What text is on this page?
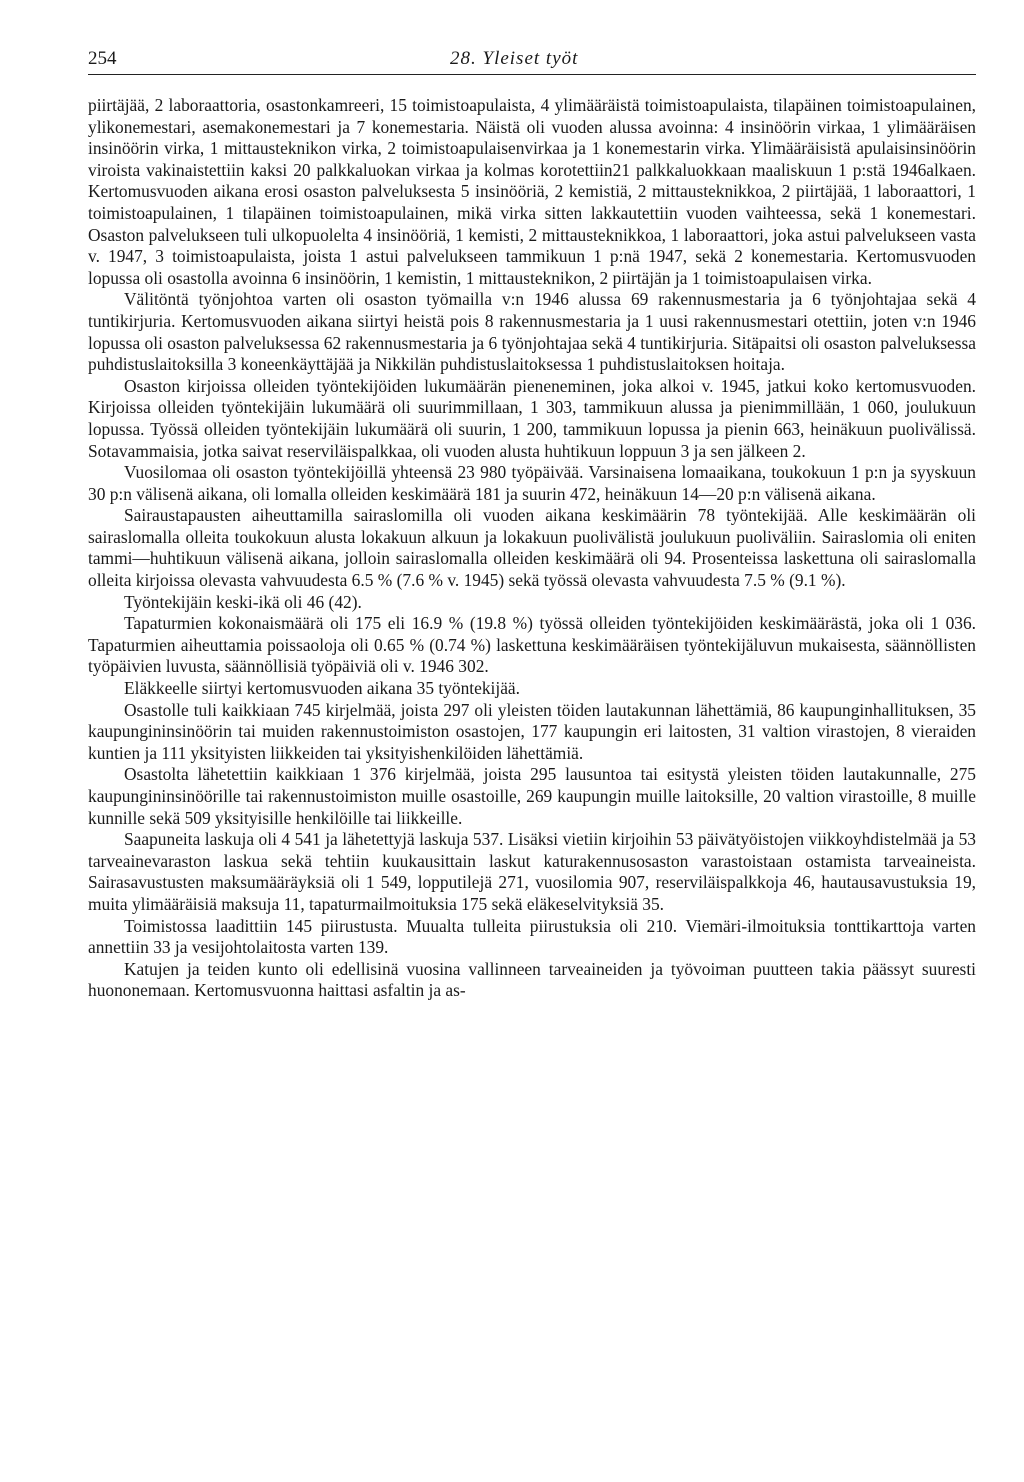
254	28. Yleiset työt

piirtäjää, 2 laboraattoria, osastonkamreeri, 15 toimistoapulaista, 4 ylimääräistä toimistoapulaista, tilapäinen toimistoapulainen, ylikonemestari, asemakonemestari ja 7 konemestaria. Näistä oli vuoden alussa avoinna: 4 insinöörin virkaa, 1 ylimääräisen insinöörin virka, 1 mittausteknikon virka, 2 toimistoapulaisenvirkaa ja 1 konemestarin virka. Ylimääräisistä apulaisinsinöörin viroista vakinaistettiin kaksi 20 palkkaluokan virkaa ja kolmas korotettiin21 palkkaluokkaan maaliskuun 1 p:stä 1946alkaen. Kertomusvuoden aikana erosi osaston palveluksesta 5 insinööriä, 2 kemistiä, 2 mittausteknikkoa, 2 piirtäjää, 1 laboraattori, 1 toimistoapulainen, 1 tilapäinen toimistoapulainen, mikä virka sitten lakkautettiin vuoden vaihteessa, sekä 1 konemestari. Osaston palvelukseen tuli ulkopuolelta 4 insinööriä, 1 kemisti, 2 mittausteknikkoa, 1 laboraattori, joka astui palvelukseen vasta v. 1947, 3 toimistoapulaista, joista 1 astui palvelukseen tammikuun 1 p:nä 1947, sekä 2 konemestaria. Kertomusvuoden lopussa oli osastolla avoinna 6 insinöörin, 1 kemistin, 1 mittausteknikon, 2 piirtäjän ja 1 toimistoapulaisen virka.

Välitöntä työnjohtoa varten oli osaston työmailla v:n 1946 alussa 69 rakennusmestaria ja 6 työnjohtajaa sekä 4 tuntikirjuria. Kertomusvuoden aikana siirtyi heistä pois 8 rakennusmestaria ja 1 uusi rakennusmestari otettiin, joten v:n 1946 lopussa oli osaston palveluksessa 62 rakennusmestaria ja 6 työnjohtajaa sekä 4 tuntikirjuria. Sitäpaitsi oli osaston palveluksessa puhdistuslaitoksilla 3 koneenkäyttäjää ja Nikkilän puhdistuslaitoksessa 1 puhdistuslaitoksen hoitaja.

Osaston kirjoissa olleiden työntekijöiden lukumäärän pieneneminen, joka alkoi v. 1945, jatkui koko kertomusvuoden. Kirjoissa olleiden työntekijäin lukumäärä oli suurimmillaan, 1 303, tammikuun alussa ja pienimmillään, 1 060, joulukuun lopussa. Työssä olleiden työntekijäin lukumäärä oli suurin, 1 200, tammikuun lopussa ja pienin 663, heinäkuun puolivälissä. Sotavammaisia, jotka saivat reserviläispalkkaa, oli vuoden alusta huhtikuun loppuun 3 ja sen jälkeen 2.

Vuosilomaa oli osaston työntekijöillä yhteensä 23 980 työpäivää. Varsinaisena lomaaikana, toukokuun 1 p:n ja syyskuun 30 p:n välisenä aikana, oli lomalla olleiden keskimäärä 181 ja suurin 472, heinäkuun 14—20 p:n välisenä aikana.

Sairaustapausten aiheuttamilla sairaslomilla oli vuoden aikana keskimäärin 78 työntekijää. Alle keskimäärän oli sairaslomalla olleita toukokuun alusta lokakuun alkuun ja lokakuun puolivälistä joulukuun puoliväliin. Sairaslomia oli eniten tammi—huhtikuun välisenä aikana, jolloin sairaslomalla olleiden keskimäärä oli 94. Prosenteissa laskettuna oli sairaslomalla olleita kirjoissa olevasta vahvuudesta 6.5 % (7.6 % v. 1945) sekä työssä olevasta vahvuudesta 7.5 % (9.1 %).

Työntekijäin keski-ikä oli 46 (42).

Tapaturmien kokonaismäärä oli 175 eli 16.9 % (19.8 %) työssä olleiden työntekijöiden keskimäärästä, joka oli 1 036. Tapaturmien aiheuttamia poissaoloja oli 0.65 % (0.74 %) laskettuna keskimääräisen työntekijäluvun mukaisesta, säännöllisten työpäivien luvusta, säännöllisiä työpäiviä oli v. 1946 302.

Eläkkeelle siirtyi kertomusvuoden aikana 35 työntekijää.

Osastolle tuli kaikkiaan 745 kirjelmää, joista 297 oli yleisten töiden lautakunnan lähettämiä, 86 kaupunginhallituksen, 35 kaupungininsinöörin tai muiden rakennustoimiston osastojen, 177 kaupungin eri laitosten, 31 valtion virastojen, 8 vieraiden kuntien ja 111 yksityisten liikkeiden tai yksityishenkilöiden lähettämiä.

Osastolta lähetettiin kaikkiaan 1 376 kirjelmää, joista 295 lausuntoa tai esitystä yleisten töiden lautakunnalle, 275 kaupungininsinöörille tai rakennustoimiston muille osastoille, 269 kaupungin muille laitoksille, 20 valtion virastoille, 8 muille kunnille sekä 509 yksityisille henkilöille tai liikkeille.

Saapuneita laskuja oli 4 541 ja lähetettyjä laskuja 537. Lisäksi vietiin kirjoihin 53 päivätyöistojen viikkoyhdistelmää ja 53 tarveainevaraston laskua sekä tehtiin kuukausittain laskut katurakennusosaston varastoistaan ostamista tarveaineista. Sairasavustusten maksumääräyksiä oli 1 549, lopputilejä 271, vuosilomia 907, reserviläispalkkoja 46, hautausavustuksia 19, muita ylimääräisiä maksuja 11, tapaturmailmoituksia 175 sekä eläkeselvityksiä 35.

Toimistossa laadittiin 145 piirustusta. Muualta tulleita piirustuksia oli 210. Viemäri-ilmoituksia tonttikarttoja varten annettiin 33 ja vesijohtolaitosta varten 139.

Katujen ja teiden kunto oli edellisinä vuosina vallinneen tarveaineiden ja työvoiman puutteen takia päässyt suuresti huononemaan. Kertomusvuonna haittasi asfaltin ja as-
